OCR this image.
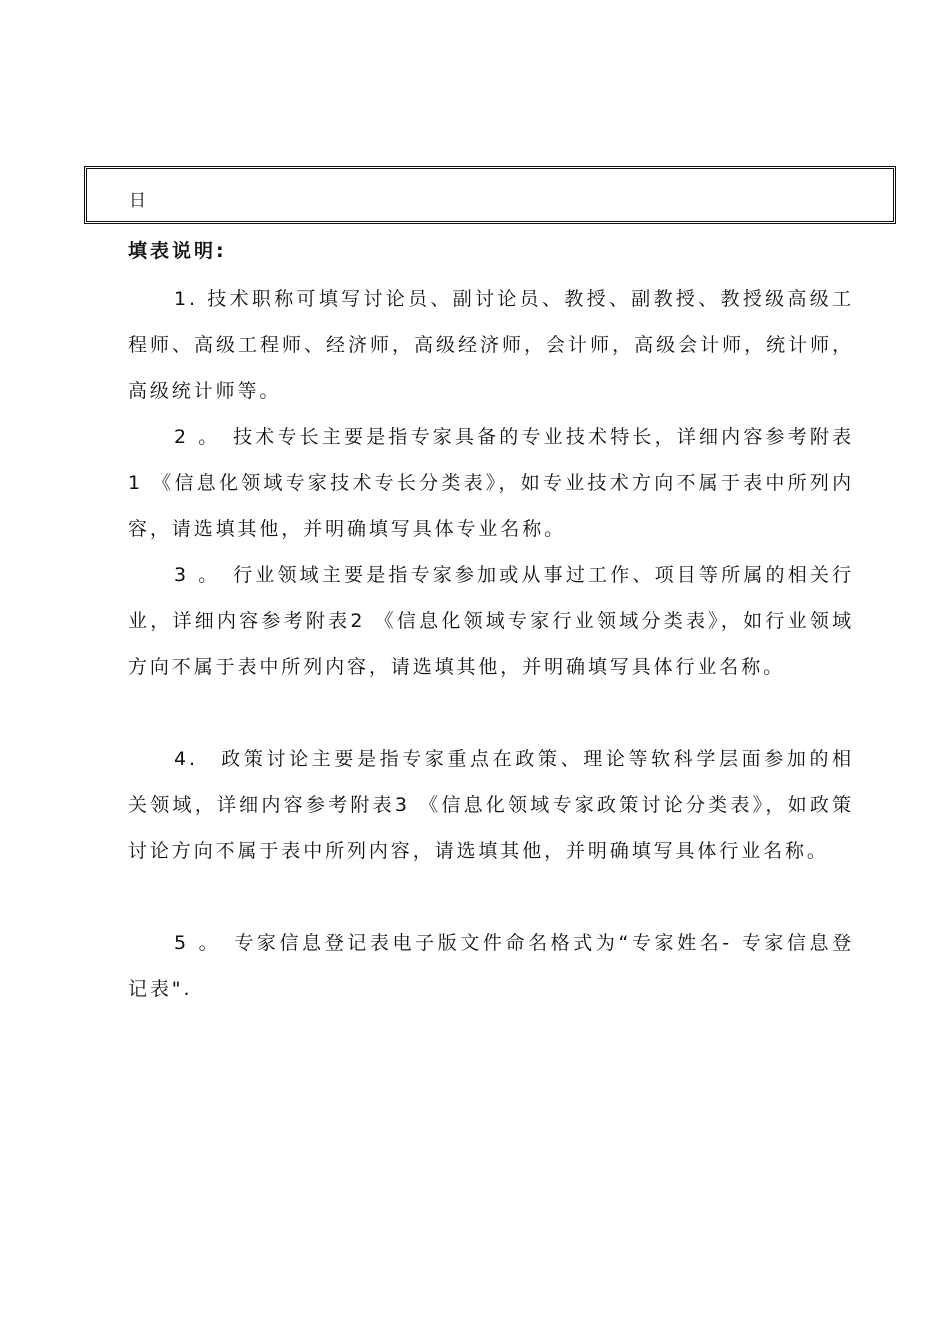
日
填表说明:

1. 技术职称可填写讨论员、副讨论员、教授、副教授、教授级高级工程师、高级工程师、经济师，高级经济师，会计师，高级会计师，统计师，高级统计师等。

2 。　技术专长主要是指专家具备的专业技术特长，详细内容参考附表1 《信息化领域专家技术专长分类表》，如专业技术方向不属于表中所列内容，请选填其他，并明确填写具体专业名称。

3 。　行业领域主要是指专家参加或从事过工作、项目等所属的相关行业，详细内容参考附表2 《信息化领域专家行业领域分类表》，如行业领域方向不属于表中所列内容，请选填其他，并明确填写具体行业名称。

4.　政策讨论主要是指专家重点在政策、理论等软科学层面参加的相关领域，详细内容参考附表3 《信息化领域专家政策讨论分类表》，如政策讨论方向不属于表中所列内容，请选填其他，并明确填写具体行业名称。

5 。　专家信息登记表电子版文件命名格式为“专家姓名- 专家信息登记表".
